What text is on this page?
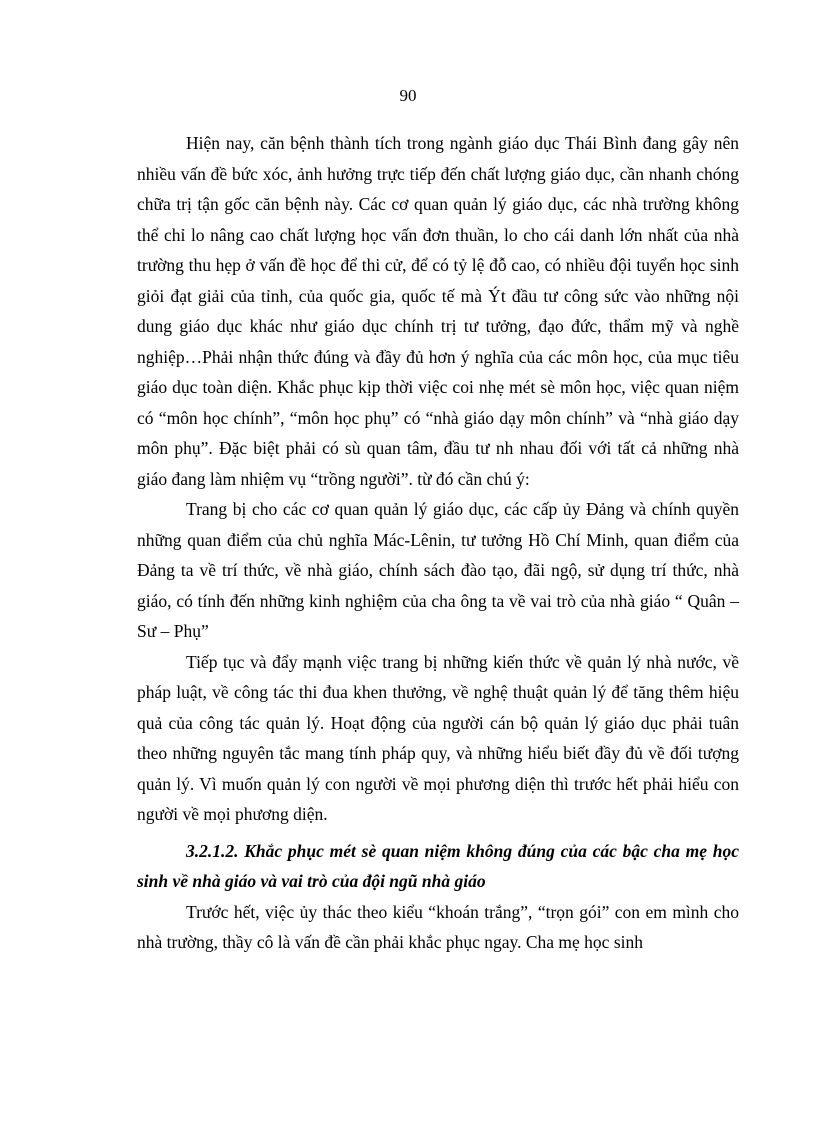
90

Hiện nay, căn bệnh thành tích trong ngành giáo dục Thái Bình đang gây nên nhiều vấn đề bức xóc, ảnh hưởng trực tiếp đến chất lượng giáo dục, cần nhanh chóng chữa trị tận gốc căn bệnh này. Các cơ quan quản lý giáo dục, các nhà trường không thể chỉ lo nâng cao chất lượng học vấn đơn thuần, lo cho cái danh lớn nhất của nhà trường thu hẹp ở vấn đề học để thi cử, để có tỷ lệ đỗ cao, có nhiều đội tuyển học sinh giỏi đạt giải của tỉnh, của quốc gia, quốc tế mà Ýt đầu tư công sức vào những nội dung giáo dục khác như giáo dục chính trị tư tưởng, đạo đức, thẩm mỹ và nghề nghiệp…Phải nhận thức đúng và đầy đủ hơn ý nghĩa của các môn học, của mục tiêu giáo dục toàn diện. Khắc phục kịp thời việc coi nhẹ mét sè môn học, việc quan niệm có “môn học chính”, “môn học phụ” có “nhà giáo dạy môn chính” và “nhà giáo dạy môn phụ”. Đặc biệt phải có sù quan tâm, đầu tư nh nhau đối với tất cả những nhà giáo đang làm nhiệm vụ “trồng người”. từ đó cần chú ý:

Trang bị cho các cơ quan quản lý giáo dục, các cấp ủy Đảng và chính quyền những quan điểm của chủ nghĩa Mác-Lênin, tư tưởng Hồ Chí Minh, quan điểm của Đảng ta về trí thức, về nhà giáo, chính sách đào tạo, đãi ngộ, sử dụng trí thức, nhà giáo, có tính đến những kinh nghiệm của cha ông ta về vai trò của nhà giáo “ Quân – Sư – Phụ”

Tiếp tục và đẩy mạnh việc trang bị những kiến thức về quản lý nhà nước, về pháp luật, về công tác thi đua khen thưởng, về nghệ thuật quản lý để tăng thêm hiệu quả của công tác quản lý. Hoạt động của người cán bộ quản lý giáo dục phải tuân theo những nguyên tắc mang tính pháp quy, và những hiểu biết đầy đủ về đối tượng quản lý. Vì muốn quản lý con người về mọi phương diện thì trước hết phải hiểu con người về mọi phương diện.

3.2.1.2. Khắc phục mét sè quan niệm không đúng của các bậc cha mẹ học sinh về nhà giáo và vai trò của đội ngũ nhà giáo

Trước hết, việc ủy thác theo kiểu “khoán trắng”, “trọn gói” con em mình cho nhà trường, thầy cô là vấn đề cần phải khắc phục ngay. Cha mẹ học sinh
